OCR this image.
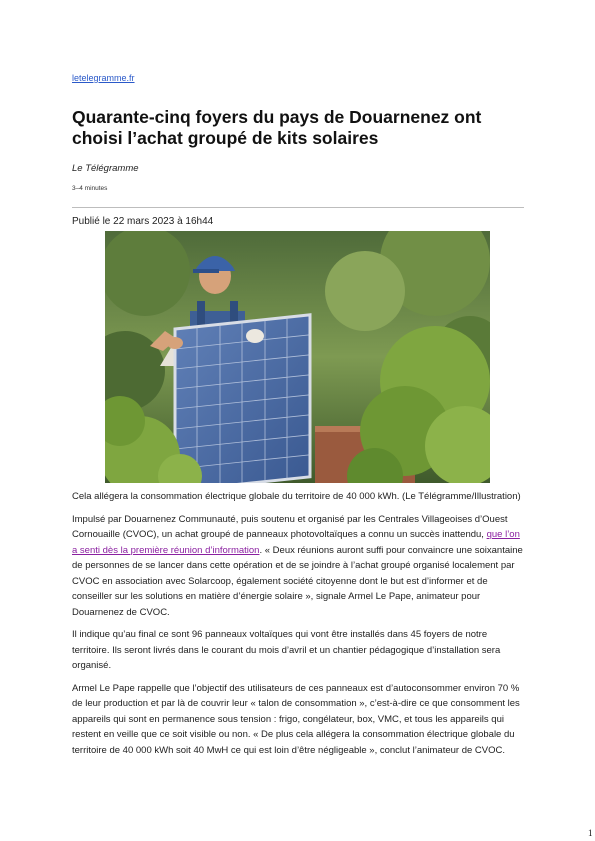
letelegramme.fr
Quarante-cinq foyers du pays de Douarnenez ont choisi l’achat groupé de kits solaires
Le Télégramme
3–4 minutes
Publié le 22 mars 2023 à 16h44

Cela allégera la consommation électrique globale du territoire de 40 000 kWh. (Le Télégramme/Illustration)

Impulsé par Douarnenez Communauté, puis soutenu et organisé par les Centrales Villageoises d’Ouest Cornouaille (CVOC), un achat groupé de panneaux photovoltaïques a connu un succès inattendu, que l’on a senti dès la première réunion d’information. « Deux réunions auront suffi pour convaincre une soixantaine de personnes de se lancer dans cette opération et de se joindre à l’achat groupé organisé localement par CVOC en association avec Solarcoop, également société citoyenne dont le but est d’informer et de conseiller sur les solutions en matière d’énergie solaire », signale Armel Le Pape, animateur pour Douarnenez de CVOC.

Il indique qu’au final ce sont 96 panneaux voltaïques qui vont être installés dans 45 foyers de notre territoire. Ils seront livrés dans le courant du mois d’avril et un chantier pédagogique d’installation sera organisé.

Armel Le Pape rappelle que l’objectif des utilisateurs de ces panneaux est d’autoconsommer environ 70 % de leur production et par là de couvrir leur « talon de consommation », c’est-à-dire ce que consomment les appareils qui sont en permanence sous tension : frigo, congélateur, box, VMC, et tous les appareils qui restent en veille que ce soit visible ou non. « De plus cela allégera la consommation électrique globale du territoire de 40 000 kWh soit 40 MwH ce qui est loin d’être négligeable », conclut l’animateur de CVOC.

1
